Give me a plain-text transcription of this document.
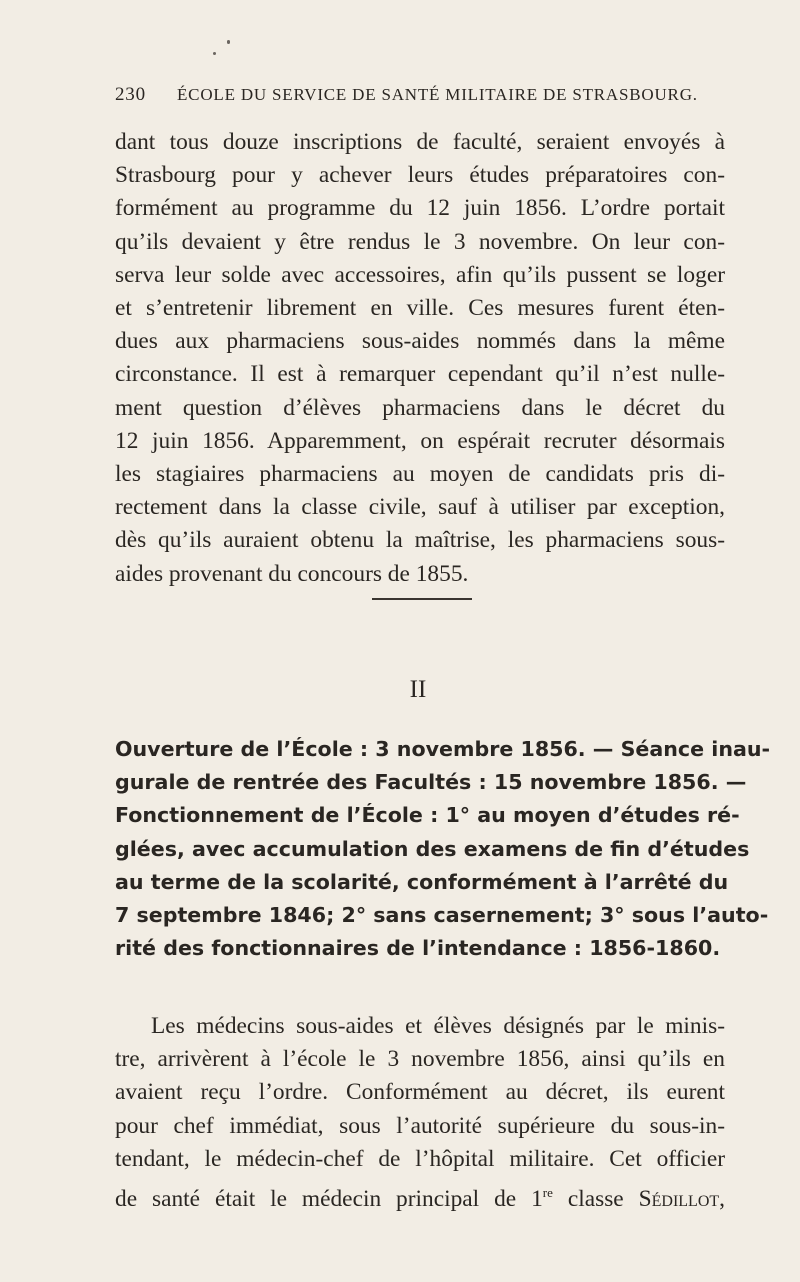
230 ÉCOLE DU SERVICE DE SANTÉ MILITAIRE DE STRASBOURG.
dant tous douze inscriptions de faculté, seraient envoyés à
Strasbourg pour y achever leurs études préparatoires con-
formément au programme du 12 juin 1856. L’ordre portait
qu’ils devaient y être rendus le 3 novembre. On leur con-
serva leur solde avec accessoires, afin qu’ils pussent se loger
et s’entretenir librement en ville. Ces mesures furent éten-
dues aux pharmaciens sous-aides nommés dans la même
circonstance. Il est à remarquer cependant qu’il n’est nulle-
ment question d’élèves pharmaciens dans le décret du
12 juin 1856. Apparemment, on espérait recruter désormais
les stagiaires pharmaciens au moyen de candidats pris di-
rectement dans la classe civile, sauf à utiliser par exception,
dès qu’ils auraient obtenu la maîtrise, les pharmaciens sous-
aides provenant du concours de 1855.
II
Ouverture de l’École : 3 novembre 1856. — Séance inau-
gurale de rentrée des Facultés : 15 novembre 1856. —
Fonctionnement de l’École : 1° au moyen d’études ré-
glées, avec accumulation des examens de fin d’études
au terme de la scolarité, conformément à l’arrêté du
7 septembre 1846; 2° sans casernement; 3° sous l’auto-
rité des fonctionnaires de l’intendance : 1856-1860.
Les médecins sous-aides et élèves désignés par le minis-
tre, arrivèrent à l’école le 3 novembre 1856, ainsi qu’ils en
avaient reçu l’ordre. Conformément au décret, ils eurent
pour chef immédiat, sous l’autorité supérieure du sous-in-
tendant, le médecin-chef de l’hôpital militaire. Cet officier
de santé était le médecin principal de 1re classe Sédillot,
